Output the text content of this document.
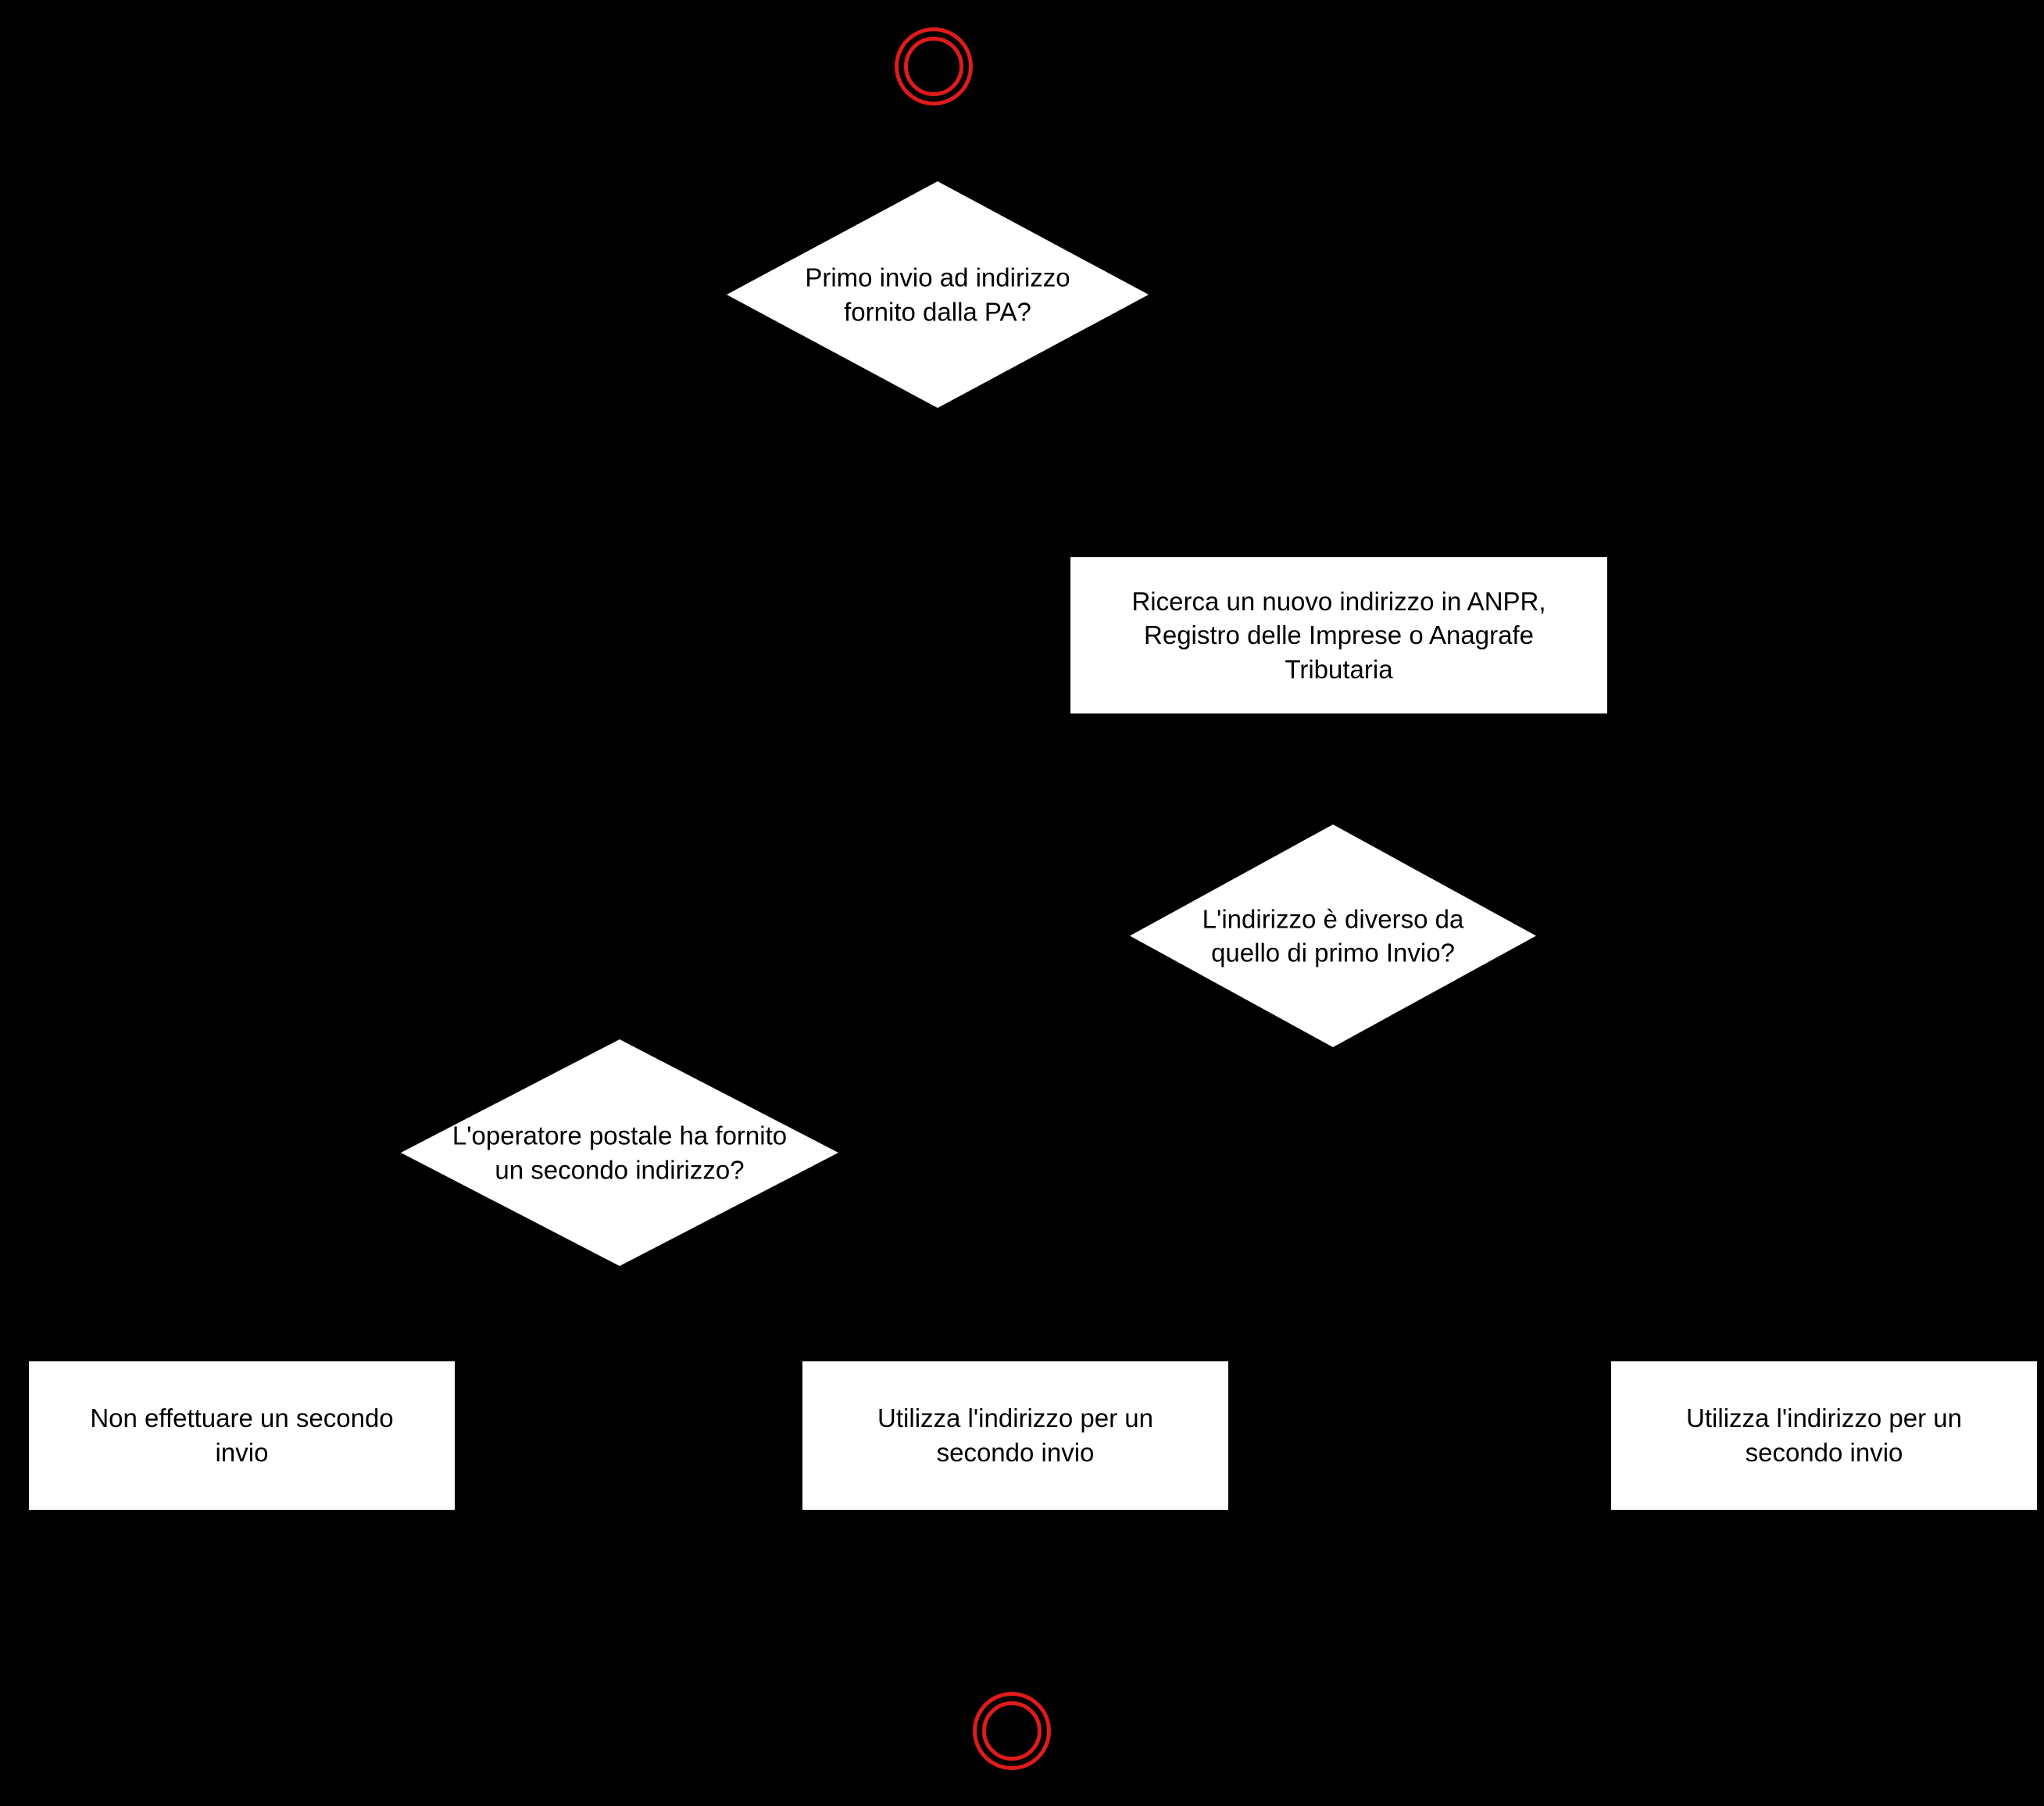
Primo invio ad indirizzo
fornito dalla PA?
Ricerca un nuovo indirizzo in ANPR,
Registro delle Imprese o Anagrafe
Tributaria
L'indirizzo è diverso da
quello di primo Invio?
L'operatore postale ha fornito
un secondo indirizzo?
Non effettuare un secondo
invio
Utilizza l'indirizzo per un
secondo invio
Utilizza l'indirizzo per un
secondo invio
